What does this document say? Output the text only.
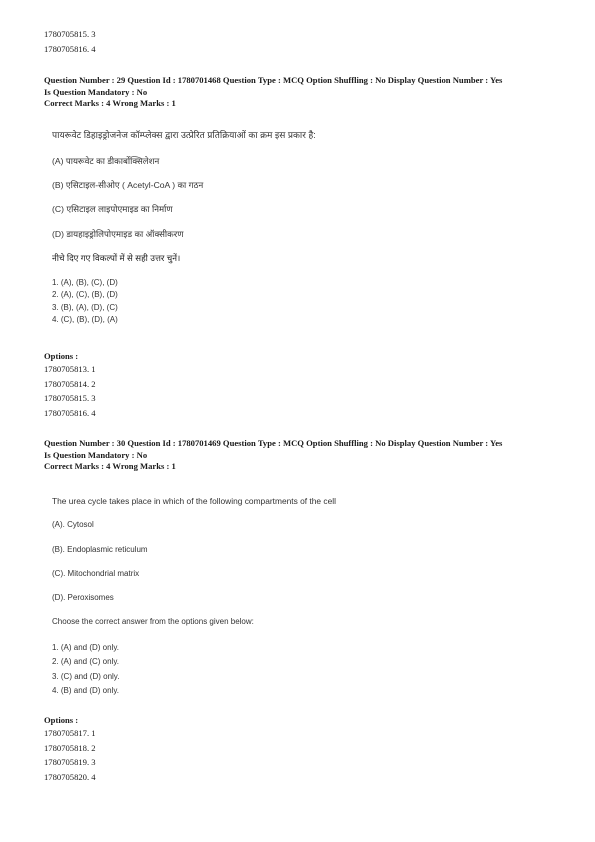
1780705815. 3

1780705816. 4

Question Number : 29 Question Id : 1780701468 Question Type : MCQ Option Shuffling : No Display Question Number : Yes

Is Question Mandatory : No

Correct Marks : 4 Wrong Marks : 1

पायरूवेट डिहाइड्रोजनेज कॉम्प्लेक्स द्वारा उत्प्रेरित प्रतिक्रियाओं का क्रम इस प्रकार है:

(A) पायरूवेट का डीकार्बोक्सिलेशन

(B) एसिटाइल-सीओए ( Acetyl-CoA ) का गठन

(C) एसिटाइल लाइपोएमाइड का निर्माण

(D) डायहाइड्रोलिपोएमाइड का ऑक्सीकरण

नीचे दिए गए विकल्पों में से सही उत्तर चुनें।

1. (A), (B), (C), (D)

2. (A), (C), (B), (D)

3. (B), (A), (D), (C)

4. (C), (B), (D), (A)

Options :

1780705813. 1

1780705814. 2

1780705815. 3

1780705816. 4

Question Number : 30 Question Id : 1780701469 Question Type : MCQ Option Shuffling : No Display Question Number : Yes

Is Question Mandatory : No

Correct Marks : 4 Wrong Marks : 1

The urea cycle takes place in which of the following compartments of the cell

(A). Cytosol

(B). Endoplasmic reticulum

(C). Mitochondrial matrix

(D). Peroxisomes

Choose the correct answer from the options given below:

1. (A) and (D) only.

2. (A) and (C) only.

3. (C) and (D) only.

4. (B) and (D) only.

Options :

1780705817. 1

1780705818. 2

1780705819. 3

1780705820. 4
